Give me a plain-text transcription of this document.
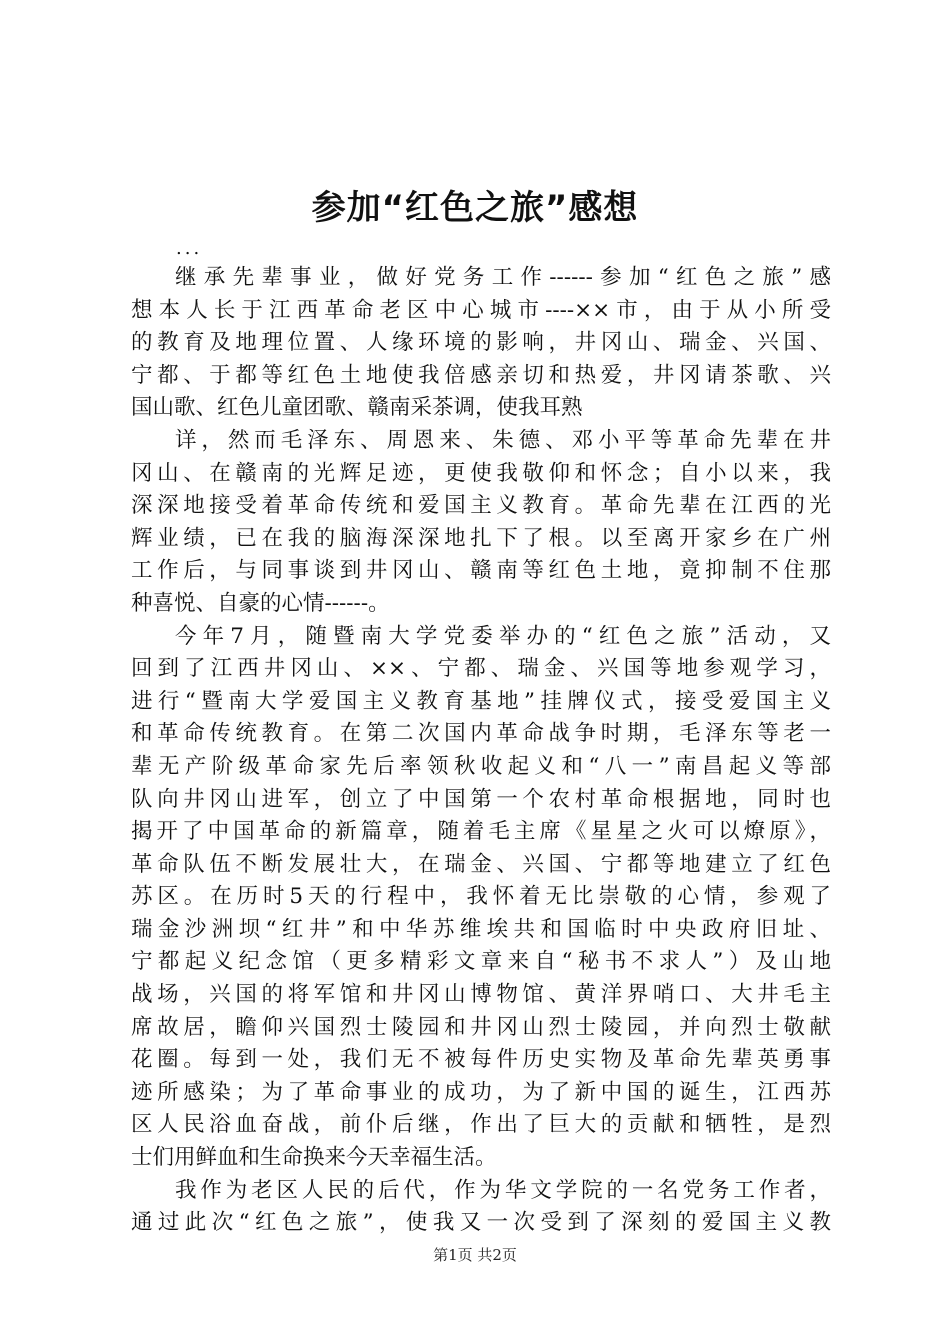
参加“红色之旅”感想
...
继承先辈事业，做好党务工作------参加“红色之旅”感
想本人长于江西革命老区中心城市----××市，由于从小所受
的教育及地理位置、人缘环境的影响，井冈山、瑞金、兴国、
宁都、于都等红色土地使我倍感亲切和热爱，井冈请茶歌、兴
国山歌、红色儿童团歌、赣南采茶调，使我耳熟
详，然而毛泽东、周恩来、朱德、邓小平等革命先辈在井
冈山、在赣南的光辉足迹，更使我敬仰和怀念；自小以来，我
深深地接受着革命传统和爱国主义教育。革命先辈在江西的光
辉业绩，已在我的脑海深深地扎下了根。以至离开家乡在广州
工作后，与同事谈到井冈山、赣南等红色土地，竟抑制不住那
种喜悦、自豪的心情------。
今年7月，随暨南大学党委举办的“红色之旅”活动，又
回到了江西井冈山、××、宁都、瑞金、兴国等地参观学习，
进行“暨南大学爱国主义教育基地”挂牌仪式，接受爱国主义
和革命传统教育。在第二次国内革命战争时期，毛泽东等老一
辈无产阶级革命家先后率领秋收起义和“八一”南昌起义等部
队向井冈山进军，创立了中国第一个农村革命根据地，同时也
揭开了中国革命的新篇章，随着毛主席《星星之火可以燎原》，
革命队伍不断发展壮大，在瑞金、兴国、宁都等地建立了红色
苏区。在历时5天的行程中，我怀着无比崇敬的心情，参观了
瑞金沙洲坝“红井”和中华苏维埃共和国临时中央政府旧址、
宁都起义纪念馆（更多精彩文章来自“秘书不求人”）及山地
战场，兴国的将军馆和井冈山博物馆、黄洋界哨口、大井毛主
席故居，瞻仰兴国烈士陵园和井冈山烈士陵园，并向烈士敬献
花圈。每到一处，我们无不被每件历史实物及革命先辈英勇事
迹所感染；为了革命事业的成功，为了新中国的诞生，江西苏
区人民浴血奋战，前仆后继，作出了巨大的贡献和牺牲，是烈
士们用鲜血和生命换来今天幸福生活。
我作为老区人民的后代，作为华文学院的一名党务工作者，
通过此次“红色之旅”，使我又一次受到了深刻的爱国主义教
第1页 共2页
